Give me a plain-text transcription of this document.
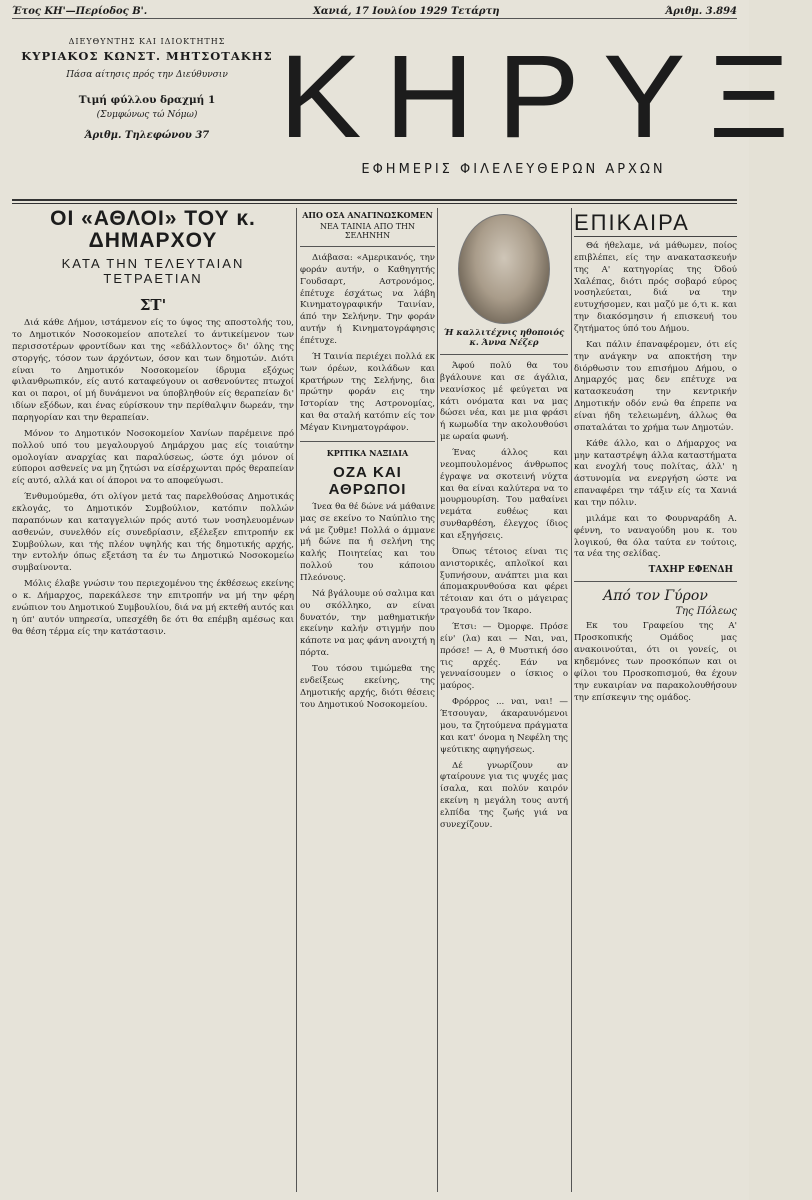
Έτος ΚΗ'—Περίοδος Β'.	Χανιά, 17 Ιουλίου 1929 Τετάρτη	Άριθμ. 3.894
ΔΙΕΥΘΥΝΤΗΣ ΚΑΙ ΙΔΙΟΚΤΗΤΗΣ
ΚΥΡΙΑΚΟΣ ΚΩΝΣΤ. ΜΗΤΣΟΤΑΚΗΣ
Πάσα αίτησις πρός την Διεύθυνσιν
Τιμή φύλλου δραχμή 1
(Συμφώνως τώ Νόμω)
Άριθμ. Τηλεφώνου 37 ΚΗΡΥΞ
ΕΦΗΜΕΡΙΣ ΦΙΛΕΛΕΥΘΕΡΩΝ ΑΡΧΩΝ
ΟΙ «ΑΘΛΟΙ» ΤΟΥ κ. ΔΗΜΑΡΧΟΥ
ΚΑΤΑ ΤΗΝ ΤΕΛΕΥΤΑΙΑΝ ΤΕΤΡΑΕΤΙΑΝ
ΣΤ'

Διά κάθε Δήμον, ιστάμενον είς το ύψος της αποστολής του, το Δημοτικόν Νοσοκομείον αποτελεί το άντικείμενον των περισσοτέρων φροντίδων και της «εδάλλοντος» δι' όλης της στοργής, τόσον των άρχόντων, όσον και των δημοτών. Διότι είναι το Δημοτικόν Νοσοκομείον ίδρυμα εξόχως φιλανθρωπικόν, είς αυτό καταφεύγουν οι ασθενούντες πτωχοί και οι παροι, οί μή δυνάμενοι να ύποβληθούν είς θεραπείαν δι' ιδίων εξόδων, και ένας εύρίσκουν την περίθαλψιν δωρεάν, την παρηγορίαν και την θεραπείαν.

Μόνον το Δημοτικόν Νοσοκομείον Χανίων παρέμεινε πρό πολλού υπό του μεγαλουργού Δημάρχου μας είς τοιαύτην ομολογίαν αναρχίας και παραλύσεως, ώστε όχι μόνον οί εύποροι ασθενείς να μη ζητώσι να είσέρχωνται πρός θεραπείαν είς αυτό, αλλά και οί άποροι να το αποφεύγωσι.

Ένθυμούμεθα, ότι ολίγον μετά τας παρελθούσας Δημοτικάς εκλογάς, το Δημοτικόν Συμβούλιον, κατόπιν πολλών παραπόνων και καταγγελιών πρός αυτό των νοσηλευομένων ασθενών, συνελθόν είς συνεδρίασιν, εξέλεξεν επιτροπήν εκ Συμβούλων, και τής πλέον υψηλής και τής δημοτικής αρχής, την εντολήν όπως εξετάση τα έν τω Δημοτικώ Νοσοκομείω συμβαίνοντα.

Μόλις έλαβε γνώσιν του περιεχομένου της έκθέσεως εκείνης ο κ. Δήμαρχος, παρεκάλεσε την επιτροπήν να μή την φέρη ενώπιον του Δημοτικού Συμβουλίου, διά να μή εκτεθή αυτός και η ύπ' αυτόν υπηρεσία, υπεσχέθη δε ότι θα επέμβη αμέσως και θα θέση τέρμα είς την κατάστασιν.

ΑΠΟ ΟΣΑ ΑΝΑΓΙΝΩΣΚΟΜΕΝ
ΝΕΑ ΤΑΙΝΙΑ ΑΠΟ ΤΗΝ ΣΕΛΗΝΗΝ

Διάβασα: «Αμερικανός, την φοράν αυτήν, ο Καθηγητής Γουδσαρτ, Αστρονόμος, έπέτυχε έσχάτως να λάβη Κινηματογραφικήν Ταινίαν, άπό την Σελήνην. Την φοράν αυτήν ή Κινηματογράφησις έπέτυχε.

Ή Ταινία περιέχει πολλά εκ των όρέων, κοιλάδων και κρατήρων της Σελήνης, δια πρώτην φοράν εις την Ιστορίαν της Αστρονομίας, και θα σταλή κατόπιν είς τον Μέγαν Κινηματογράφον.

ΚΡΙΤΙΚΑ ΝΑΞΙΔΙΑ
ΟΖΑ ΚΑΙ ΑΘΡΩΠΟΙ

Ίνεα θα θέ δώνε νά μάθαινε μας σε εκείνο το Ναύπλιο της νά με ζυθμε! Πολλά ο άμμανε μή δώνε πα ή σελήνη της καλής Ποιητείας και του πολλού του κάποιου Πλεόνους.

Νά βγάλουμε ού σαλιμα και ου σκόλληκο, αν είναι δυνατόν, την μαθηματικήν εκείνην καλήν στιγμήν που κάποτε να μας φάνη ανοιχτή η πόρτα.

Του τόσου τιμώμεθα της ενδείξεως εκείνης, της Δημοτικής αρχής, διότι θέσεις του Δημοτικού Νοσοκομείου.

Ή καλλιτέχνις ηθοποιός κ. Άννα Νέζερ

Άφού πολύ θα του βγάλουνε και σε άγάλια, νεανίσκος μέ φεύγεται να κάτι ονόματα και να μας δώσει νέα, και με μια φράσι ή κωμωδία την ακολουθούσι με ωραία φωνή.

Ένας άλλος και νεομπουλομένος άνθρωπος έγραψε να σκοτεινή νύχτα και θα είναι καλύτερα να το μουρμουρίση. Του μαθαίνει νεμάτα ευθέως και συνθαρθέση, έλεγχος ίδιος και εξηγήσεις.

Όπως τέτοιος είναι τις ανιστορικές, απλοϊκοί και ξυπνήσουν, ανάπτει μια και άπομακρυνθούσα και φέρει τέτοιαν και ότι ο μάγειρας τραγουδά τον Ίκαρο.

Έτσι: — Όμορφε. Πρόσε είν' (λα) και — Ναι, ναι, πρόσε! — Α, θ Μυστική όσο τις αρχές. Εάν να γενναίσουμεν ο ίσκιος ο μαύρος.

Φρόρρος ... ναι, ναι! — Έτσουγαν, άκαραυνόμενοι μου, τα ζητούμενα πράγματα και κατ' όνομα η Νεφέλη της ψεύτικης αφηγήσεως.

Δέ γνωρίζουν αν φταίρουνε για τις ψυχές μας ίσαλα, και πολύν καιρόν εκείνη η μεγάλη τους αυτή ελπίδα της ζωής γιά να συνεχίζουν.

ΕΠΙΚΑΙΡΑ

Θά ήθελαμε, νά μάθωμεν, ποίος επιβλέπει, είς την ανακατασκευήν της Α' κατηγορίας της Όδού Χαλέπας, διότι πρός σοβαρό εύρος νοσηλεύεται, διά να την ευτυχήσομεν, και μαζύ με ό,τι κ. και την διακόσμησιν ή επισκευή του ζητήματος ύπό του Δήμου.

Και πάλιν έπαναφέρομεν, ότι είς την ανάγκην να αποκτήση την διόρθωσιν του επισήμου Δήμου, ο Δημαρχός μας δεν επέτυχε να κατασκευάση την κεντρικήν Δημοτικήν οδόν ενώ θα έπρεπε να είναι ήδη τελειωμένη, άλλως θα σπαταλάται το χρήμα των Δημοτών.

Κάθε άλλο, και ο Δήμαρχος να μην καταστρέψη άλλα καταστήματα και ενοχλή τους πολίτας, άλλ' η άστυνομία να ενεργήση ώστε να επαναφέρει την τάξιν είς τα Χανιά και την πόλιν.

μιλάμε και το Φουρναράδη Α. φέννη, το ναναγούδη μου κ. του λογικού, θα όλα ταύτα εν τούτοις, τα νέα της σελίδας.

ΤΑΧΗΡ ΕΦΕΝΔΗ
Από τον Γύρον
Της Πόλεως

Εκ του Γραφείου της Α' Προσκοπικής Ομάδος μας ανακοινούται, ότι οι γονείς, οι κηδεμόνες των προσκόπων και οι φίλοι του Προσκοπισμού, θα έχουν την ευκαιρίαν να παρακολουθήσουν την επίσκεψιν της ομάδος.
